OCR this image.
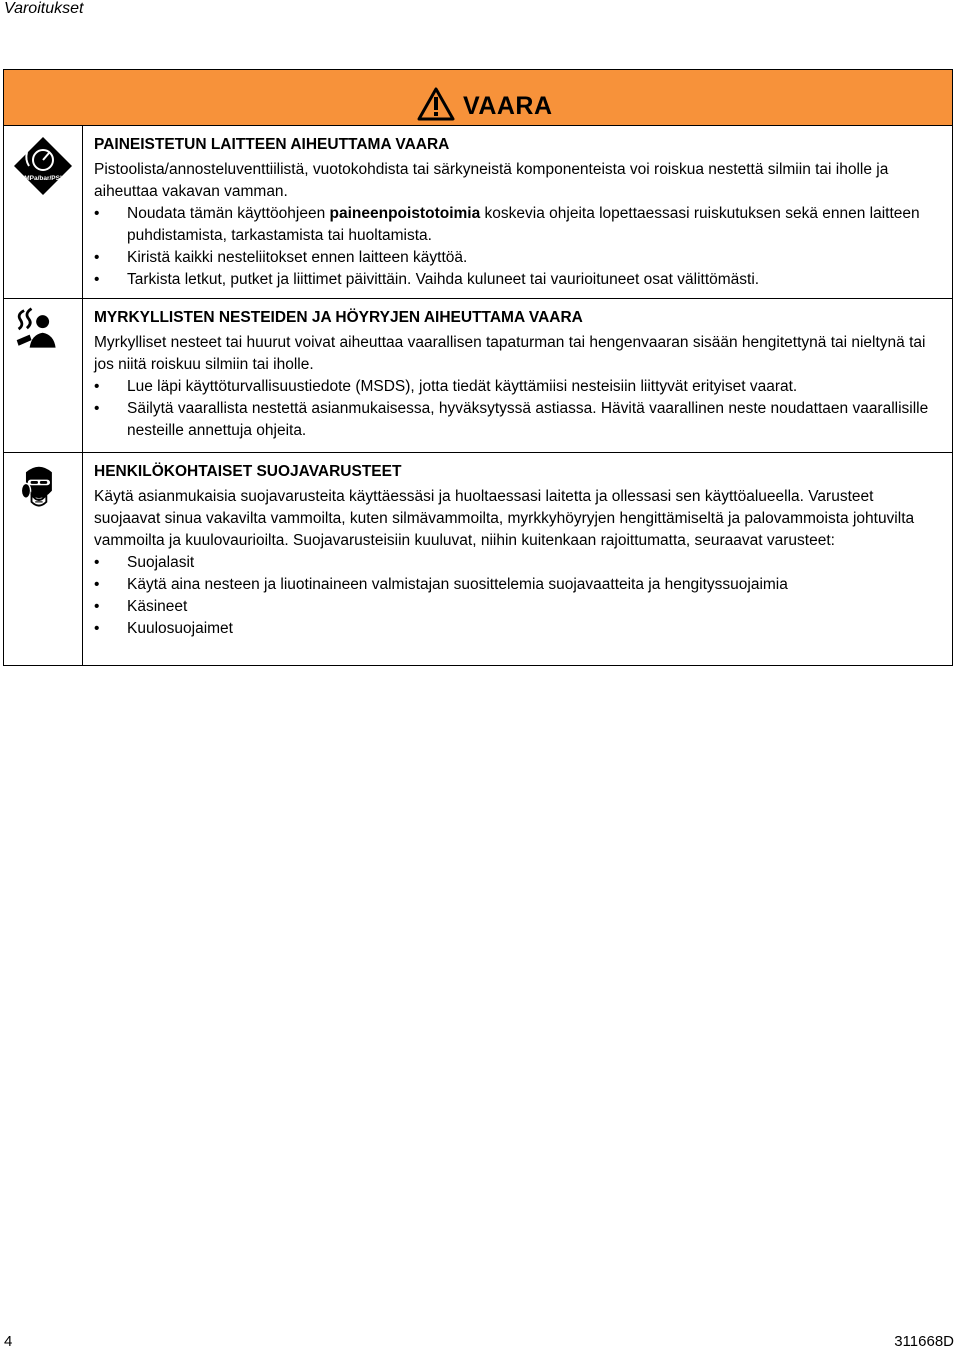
Varoitukset
VAARA
MPa/bar/PSI
PAINEISTETUN LAITTEEN AIHEUTTAMA VAARA
Pistoolista/annosteluventtiilistä, vuotokohdista tai särkyneistä komponenteista voi roiskua nestettä silmiin tai iholle ja aiheuttaa vakavan vamman.
• Noudata tämän käyttöohjeen paineenpoistotoimia koskevia ohjeita lopettaessasi ruiskutuksen sekä ennen laitteen puhdistamista, tarkastamista tai huoltamista.
• Kiristä kaikki nesteliitokset ennen laitteen käyttöä.
• Tarkista letkut, putket ja liittimet päivittäin. Vaihda kuluneet tai vaurioituneet osat välittömästi.
MYRKYLLISTEN NESTEIDEN JA HÖYRYJEN AIHEUTTAMA VAARA
Myrkylliset nesteet tai huurut voivat aiheuttaa vaarallisen tapaturman tai hengenvaaran sisään hengitettynä tai nieltynä tai jos niitä roiskuu silmiin tai iholle.
• Lue läpi käyttöturvallisuustiedote (MSDS), jotta tiedät käyttämiisi nesteisiin liittyvät erityiset vaarat.
• Säilytä vaarallista nestettä asianmukaisessa, hyväksytyssä astiassa. Hävitä vaarallinen neste noudattaen vaarallisille nesteille annettuja ohjeita.
HENKILÖKOHTAISET SUOJAVARUSTEET
Käytä asianmukaisia suojavarusteita käyttäessäsi ja huoltaessasi laitetta ja ollessasi sen käyttöalueella. Varusteet suojaavat sinua vakavilta vammoilta, kuten silmävammoilta, myrkkyhöyryjen hengittämiseltä ja palovammoista johtuvilta vammoilta ja kuulovaurioilta. Suojavarusteisiin kuuluvat, niihin kuitenkaan rajoittumatta, seuraavat varusteet:
• Suojalasit
• Käytä aina nesteen ja liuotinaineen valmistajan suosittelemia suojavaatteita ja hengityssuojaimia
• Käsineet
• Kuulosuojaimet
4	311668D
